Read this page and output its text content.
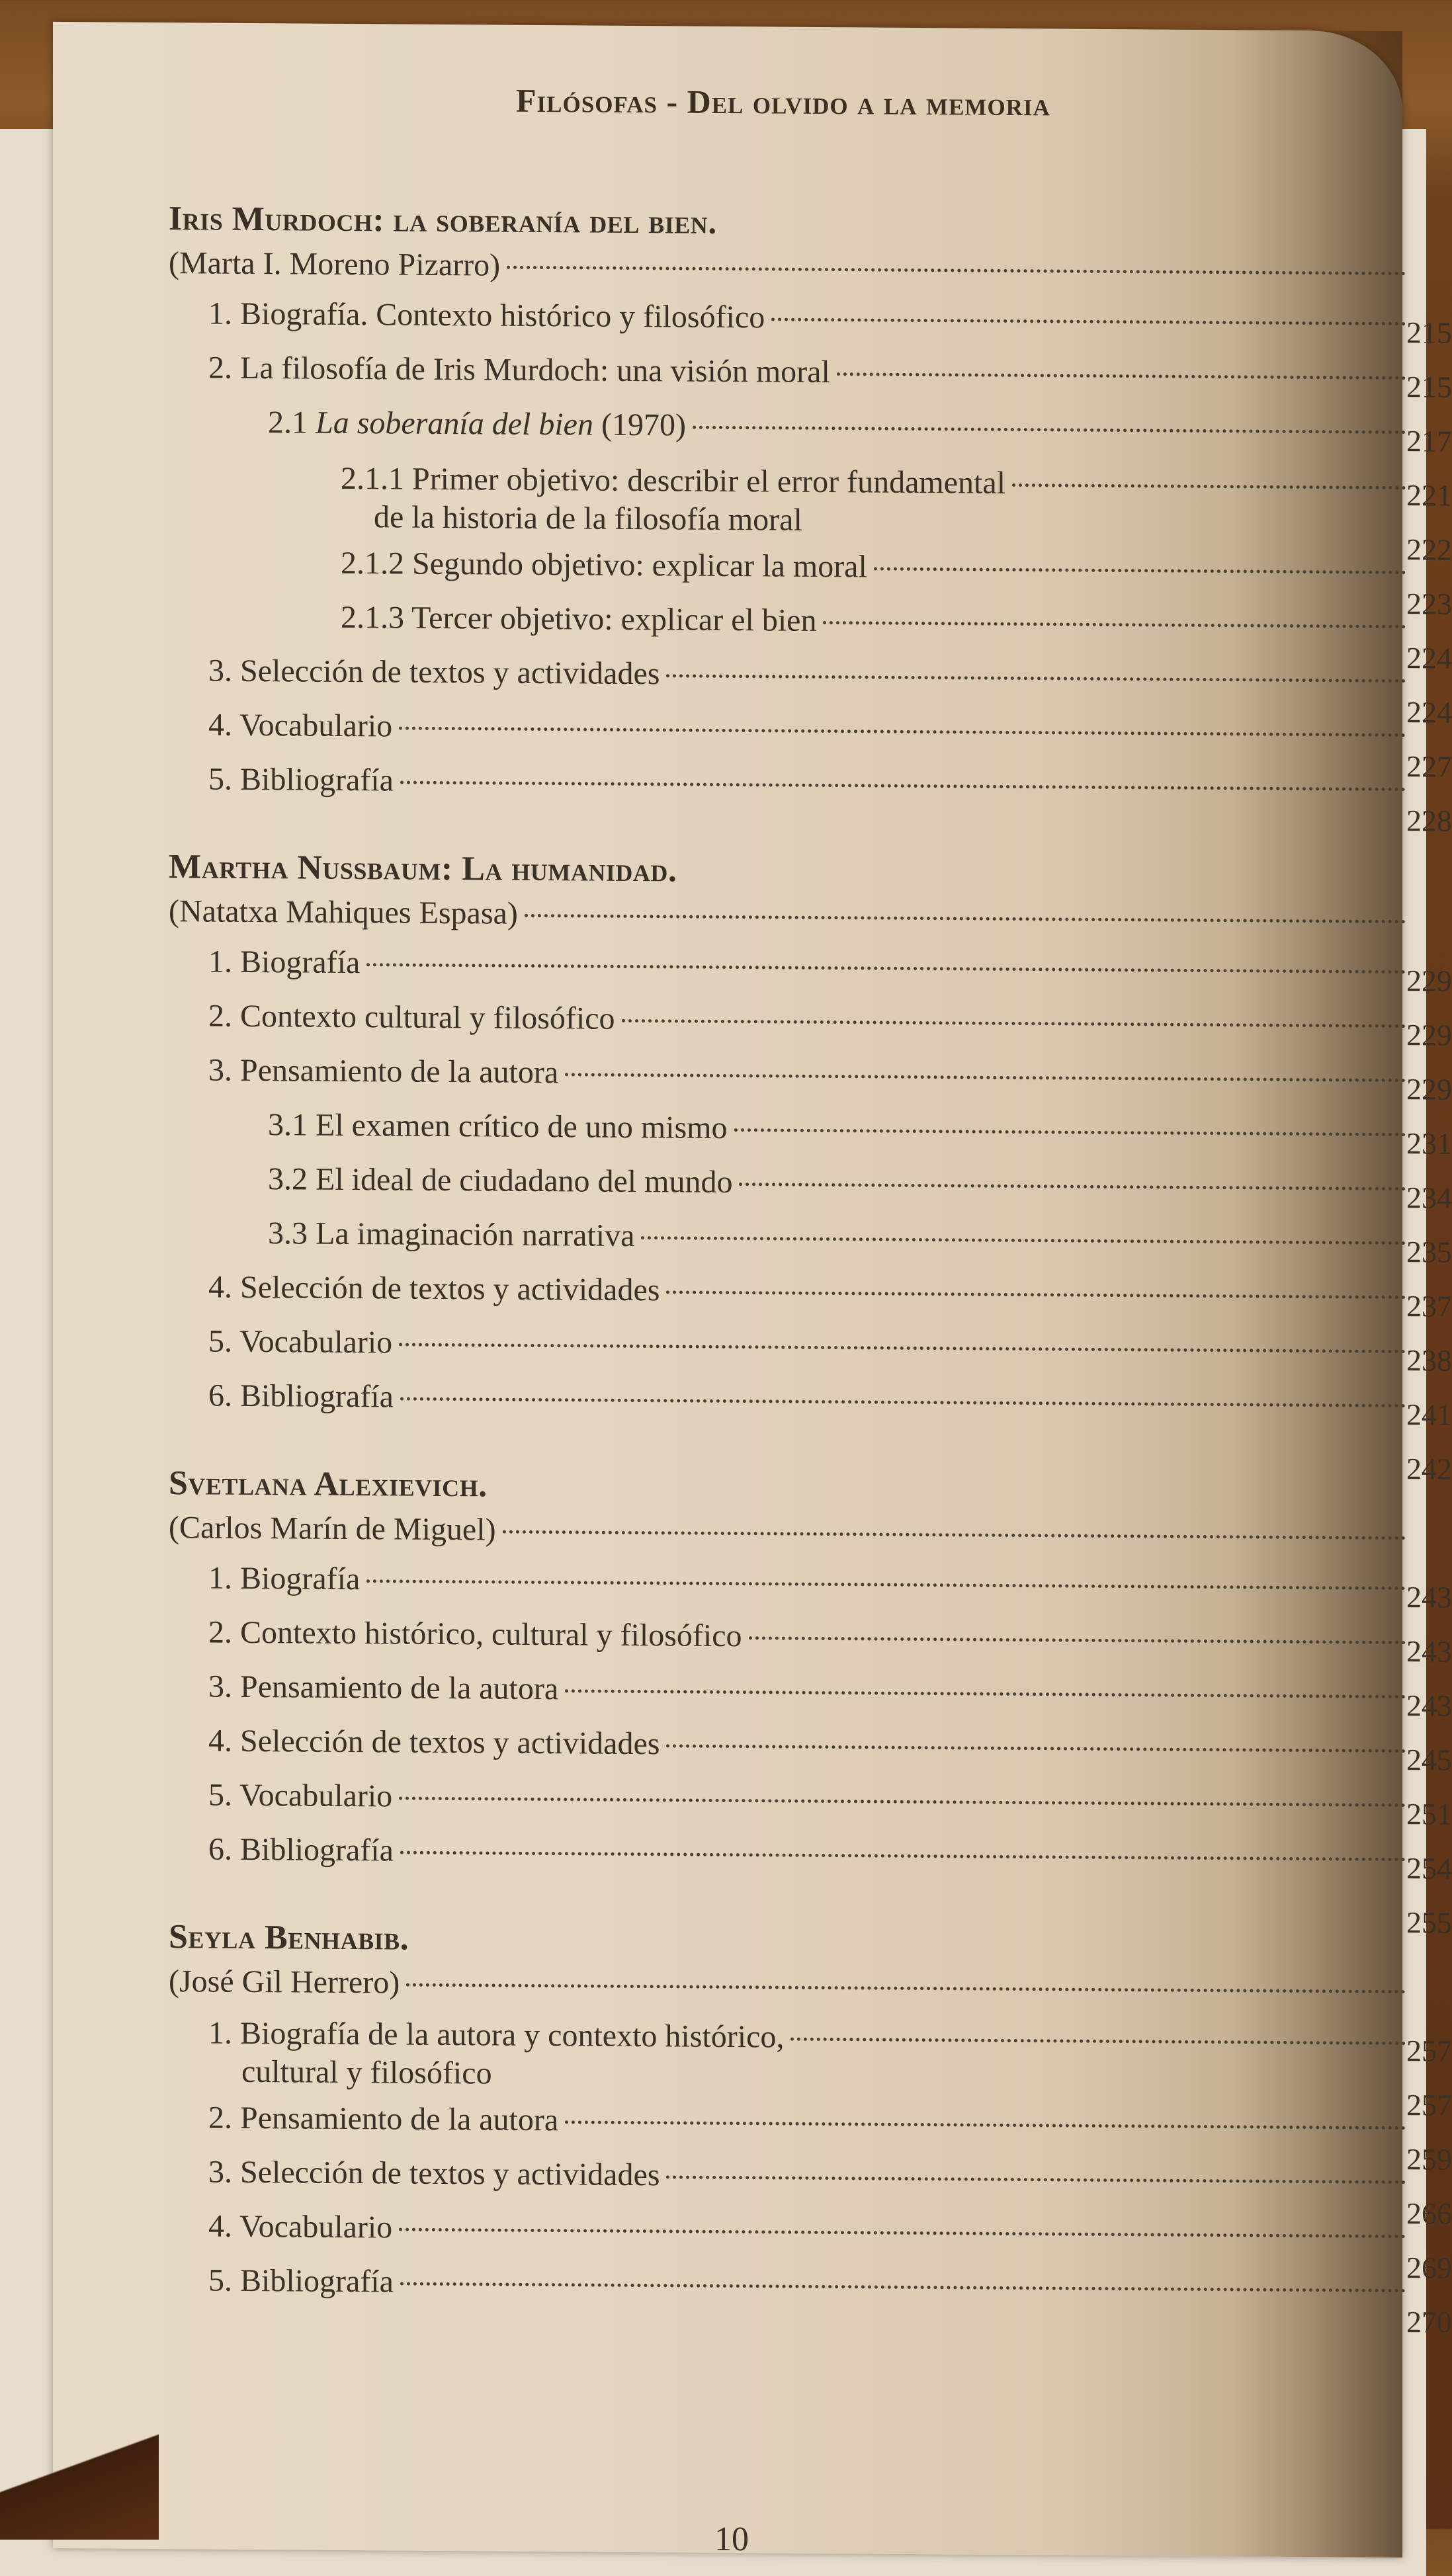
Filósofas - Del olvido a la memoria
Iris Murdoch: la soberanía del bien.
(Marta I. Moreno Pizarro)
1. Biografía. Contexto histórico y filosófico
2. La filosofía de Iris Murdoch: una visión moral
2.1 La soberanía del bien (1970)
2.1.1 Primer objetivo: describir el error fundamental
de la historia de la filosofía moral
2.1.2 Segundo objetivo: explicar la moral
2.1.3 Tercer objetivo: explicar el bien
3. Selección de textos y actividades
4. Vocabulario
5. Bibliografía
215
215
217
221
222
223
224
224
227
228
Martha Nussbaum: La humanidad.
(Natatxa Mahiques Espasa)
1. Biografía
2. Contexto cultural y filosófico
3. Pensamiento de la autora
3.1 El examen crítico de uno mismo
3.2 El ideal de ciudadano del mundo
3.3 La imaginación narrativa
4. Selección de textos y actividades
5. Vocabulario
6. Bibliografía
229
229
229
231
234
235
237
238
241
242
Svetlana Alexievich.
(Carlos Marín de Miguel)
1. Biografía
2. Contexto histórico, cultural y filosófico
3. Pensamiento de la autora
4. Selección de textos y actividades
5. Vocabulario
6. Bibliografía
243
243
243
245
251
254
255
Seyla Benhabib.
(José Gil Herrero)
1. Biografía de la autora y contexto histórico,
cultural y filosófico
2. Pensamiento de la autora
3. Selección de textos y actividades
4. Vocabulario
5. Bibliografía
257
257
259
266
269
270
10
